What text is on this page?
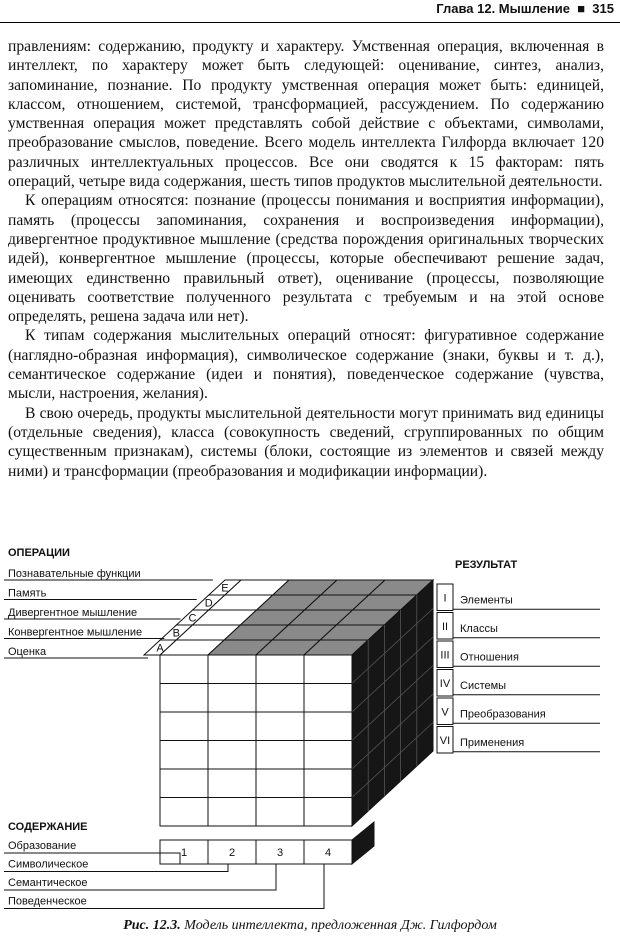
Глава 12. Мышление  ■  315

правлениям: содержанию, продукту и характеру. Умственная операция, включенная в интеллект, по характеру может быть следующей: оценивание, синтез, анализ, запоминание, познание. По продукту умственная операция может быть: единицей, классом, отношением, системой, трансформацией, рассуждением. По содержанию умственная операция может представлять собой действие с объектами, символами, преобразование смыслов, поведение. Всего модель интеллекта Гилфорда включает 120 различных интеллектуальных процессов. Все они сводятся к 15 факторам: пять операций, четыре вида содержания, шесть типов продуктов мыслительной деятельности.

К операциям относятся: познание (процессы понимания и восприятия информации), память (процессы запоминания, сохранения и воспроизведения информации), дивергентное продуктивное мышление (средства порождения оригинальных творческих идей), конвергентное мышление (процессы, которые обеспечивают решение задач, имеющих единственно правильный ответ), оценивание (процессы, позволяющие оценивать соответствие полученного результата с требуемым и на этой основе определять, решена задача или нет).

К типам содержания мыслительных операций относят: фигуративное содержание (наглядно-образная информация), символическое содержание (знаки, буквы и т. д.), семантическое содержание (идеи и понятия), поведенческое содержание (чувства, мысли, настроения, желания).

В свою очередь, продукты мыслительной деятельности могут принимать вид единицы (отдельные сведения), класса (совокупность сведений, сгруппированных по общим существенным признакам), системы (блоки, состоящие из элементов и связей между ними) и трансформации (преобразования и модификации информации).

ОПЕРАЦИИ
Познавательные функции
E
Память
D
Дивергентное мышление	C
Конвергентное мышление	B
Оценка	A
РЕЗУЛЬТАТ
I Элементы
II Классы
III Отношения
IV Системы
V Преобразования
VI Применения
СОДЕРЖАНИЕ
1
Образование
2
Символическое
3
Семантическое
4
Поведенческое
Рис. 12.3. Модель интеллекта, предложенная Дж. Гилфордом
